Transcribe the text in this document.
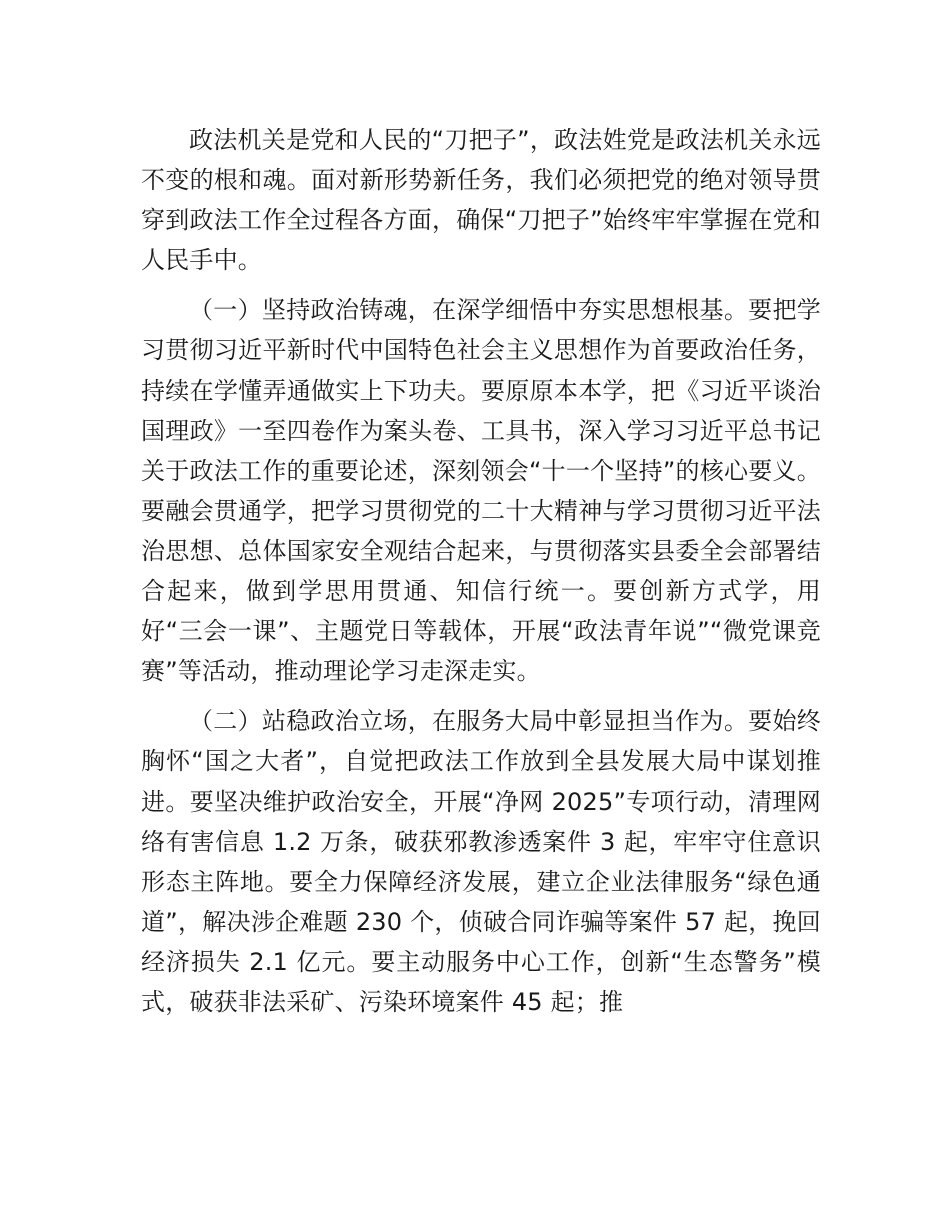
政法机关是党和人民的“刀把子”，政法姓党是政法机关永远不变的根和魂。面对新形势新任务，我们必须把党的绝对领导贯穿到政法工作全过程各方面，确保“刀把子”始终牢牢掌握在党和人民手中。

（一）坚持政治铸魂，在深学细悟中夯实思想根基。要把学习贯彻习近平新时代中国特色社会主义思想作为首要政治任务，持续在学懂弄通做实上下功夫。要原原本本学，把《习近平谈治国理政》一至四卷作为案头卷、工具书，深入学习习近平总书记关于政法工作的重要论述，深刻领会“十一个坚持”的核心要义。要融会贯通学，把学习贯彻党的二十大精神与学习贯彻习近平法治思想、总体国家安全观结合起来，与贯彻落实县委全会部署结合起来，做到学思用贯通、知信行统一。要创新方式学，用好“三会一课”、主题党日等载体，开展“政法青年说”“微党课竞赛”等活动，推动理论学习走深走实。

（二）站稳政治立场，在服务大局中彰显担当作为。要始终胸怀“国之大者”，自觉把政法工作放到全县发展大局中谋划推进。要坚决维护政治安全，开展“净网 2025”专项行动，清理网络有害信息 1.2 万条，破获邪教渗透案件 3 起，牢牢守住意识形态主阵地。要全力保障经济发展，建立企业法律服务“绿色通道”，解决涉企难题 230 个，侦破合同诈骗等案件 57 起，挽回经济损失 2.1 亿元。要主动服务中心工作，创新“生态警务”模式，破获非法采矿、污染环境案件 45 起；推
